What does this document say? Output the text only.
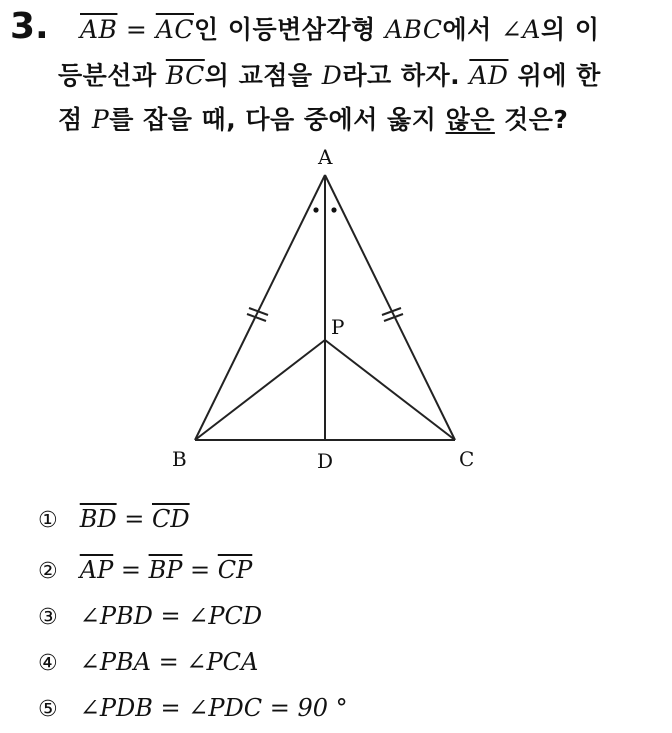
3. $\overline{AB} = \overline{AC}$인 이등변삼각형 ABC에서 ∠A의 이
등분선과 $\overline{BC}$의 교점을 D라고 하자. $\overline{AD}$ 위에 한
점 P를 잡을 때, 다음 중에서 옳지 않은 것은?
A
B	C
D
P
① $\overline{BD} = \overline{CD}$
② $\overline{AP} = \overline{BP} = \overline{CP}$
③ ∠PBD = ∠PCD
④ ∠PBA = ∠PCA
⑤ ∠PDB = ∠PDC = 90 °
